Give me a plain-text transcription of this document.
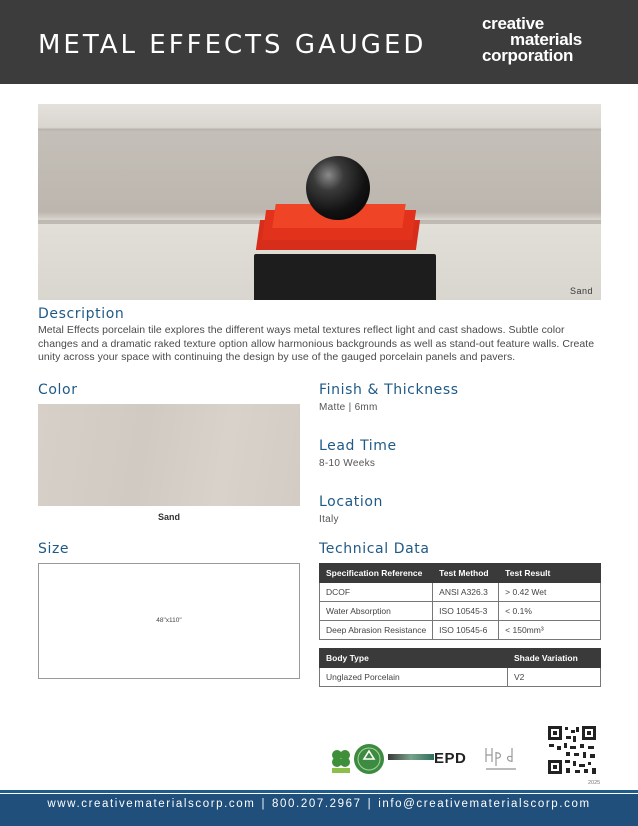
METAL EFFECTS GAUGED
creative
materials
corporation
Sand
Description

Metal Effects porcelain tile explores the different ways metal textures reflect light and cast shadows. Subtle color changes and a dramatic raked texture option allow harmonious backgrounds as well as stand-out feature walls. Create unity across your space with continuing the design by use of the gauged porcelain panels and pavers.

Color
Sand
Size
48"x110"
Finish & Thickness
Matte | 6mm
Lead Time
8-10 Weeks
Location
Italy
Technical Data
Specification Reference	Test Method	Test Result
DCOF	ANSI A326.3	> 0.42 Wet
Water Absorption	ISO 10545-3	< 0.1%
Deep Abrasion Resistance	ISO 10545-6	< 150mm³
Body Type	Shade Variation
Unglazed Porcelain	V2
EPD
2025
www.creativematerialscorp.com | 800.207.2967 | info@creativematerialscorp.com
